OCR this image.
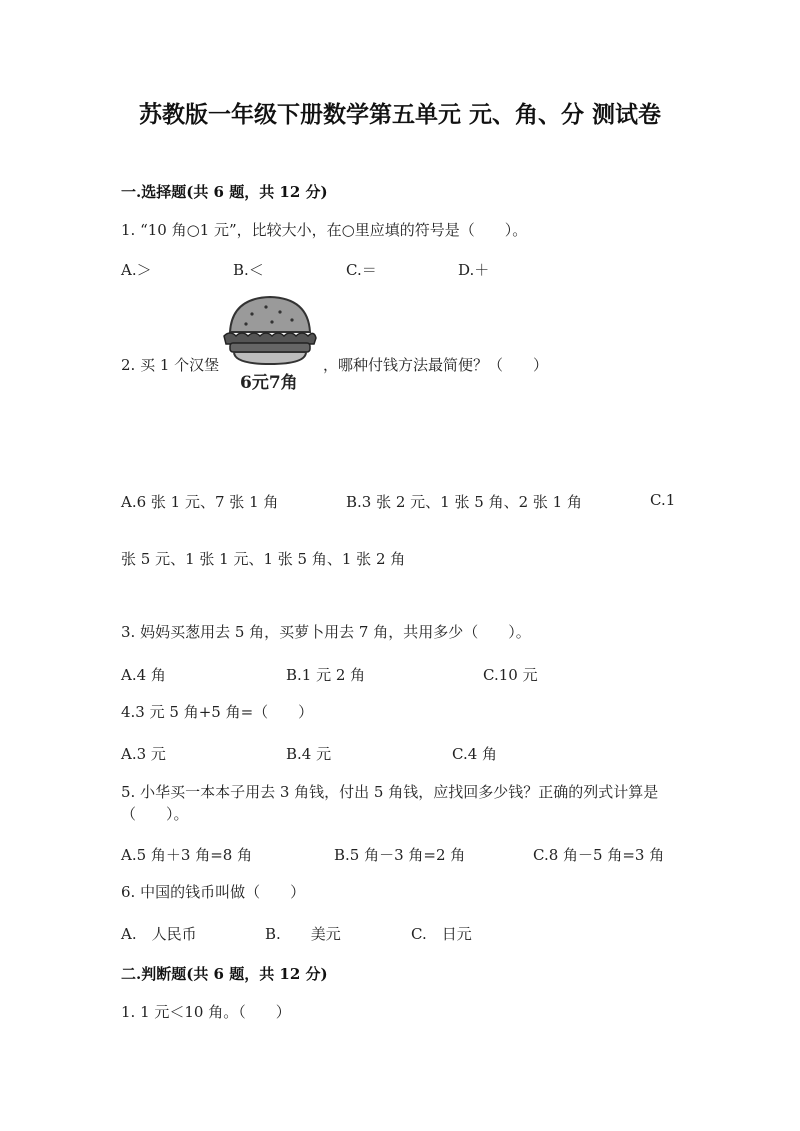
苏教版一年级下册数学第五单元 元、角、分 测试卷
一.选择题(共 6 题，共 12 分)
1. “10 角○1 元”，比较大小，在○里应填的符号是（　　）。
A.＞	B.＜	C.＝	D.＋
2. 买 1 个汉堡
6元7角
，哪种付钱方法最简便？（　　）
A.6 张 1 元、7 张 1 角	B.3 张 2 元、1 张 5 角、2 张 1 角	C.1
张 5 元、1 张 1 元、1 张 5 角、1 张 2 角
3. 妈妈买葱用去 5 角，买萝卜用去 7 角，共用多少（　　）。
A.4 角	B.1 元 2 角	C.10 元
4.3 元 5 角+5 角=（　　）
A.3 元	B.4 元	C.4 角
5. 小华买一本本子用去 3 角钱，付出 5 角钱，应找回多少钱？正确的列式计算是（　　）。
A.5 角＋3 角=8 角	B.5 角－3 角=2 角	C.8 角－5 角=3 角
6. 中国的钱币叫做（　　）
A.　人民币	B.　　美元	C.　日元
二.判断题(共 6 题，共 12 分)
1. 1 元＜10 角。（　　）
